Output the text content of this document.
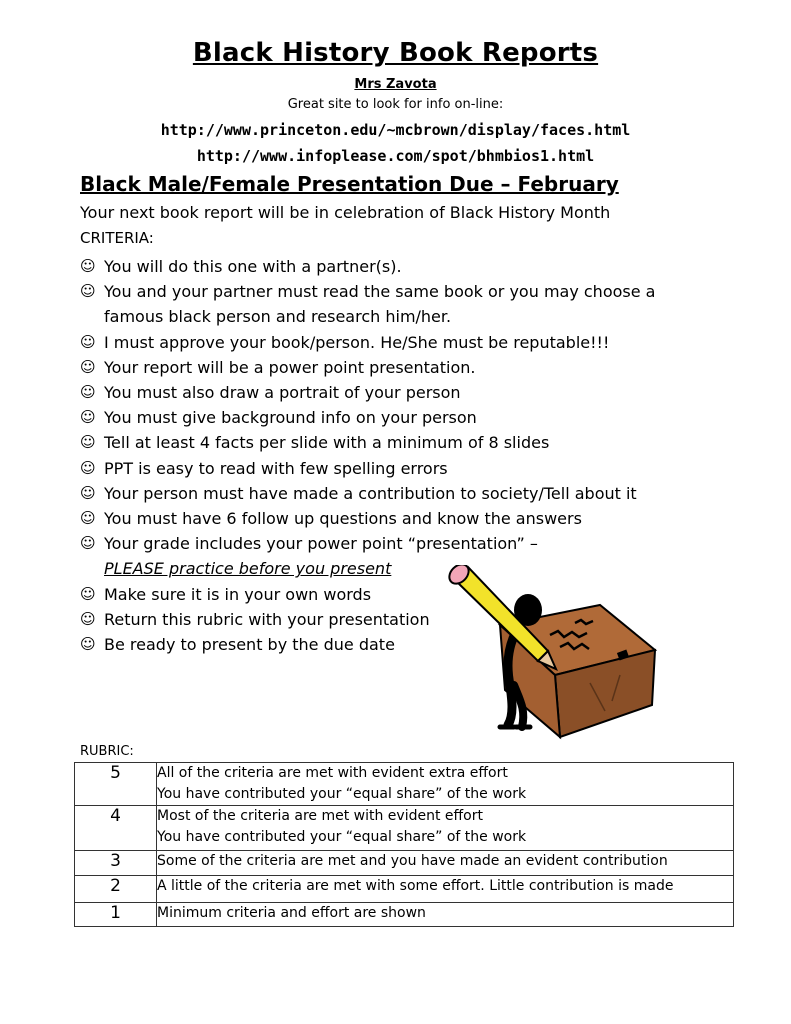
Black History Book Reports
Mrs Zavota
Great site to look for info on-line:
http://www.princeton.edu/~mcbrown/display/faces.html
http://www.infoplease.com/spot/bhmbios1.html
Black Male/Female Presentation Due – February
Your next book report will be in celebration of Black History Month
CRITERIA:
☺ You will do this one with a partner(s).
☺ You and your partner must read the same book or you may choose a
famous black person and research him/her.
☺ I must approve your book/person. He/She must be reputable!!!
☺ Your report will be a power point presentation.
☺ You must also draw a portrait of your person
☺ You must give background info on your person
☺ Tell at least 4 facts per slide with a minimum of 8 slides
☺ PPT is easy to read with few spelling errors
☺ Your person must have made a contribution to society/Tell about it
☺ You must have 6 follow up questions and know the answers
☺ Your grade includes your power point “presentation” –
PLEASE practice before you present
☺ Make sure it is in your own words
☺ Return this rubric with your presentation
☺ Be ready to present by the due date
RUBRIC:
5	All of the criteria are met with evident extra effort
You have contributed your “equal share” of the work

4	Most of the criteria are met with evident effort
You have contributed your “equal share” of the work

3	Some of the criteria are met and you have made an evident contribution

2	A little of the criteria are met with some effort. Little contribution is made

1	Minimum criteria and effort are shown
